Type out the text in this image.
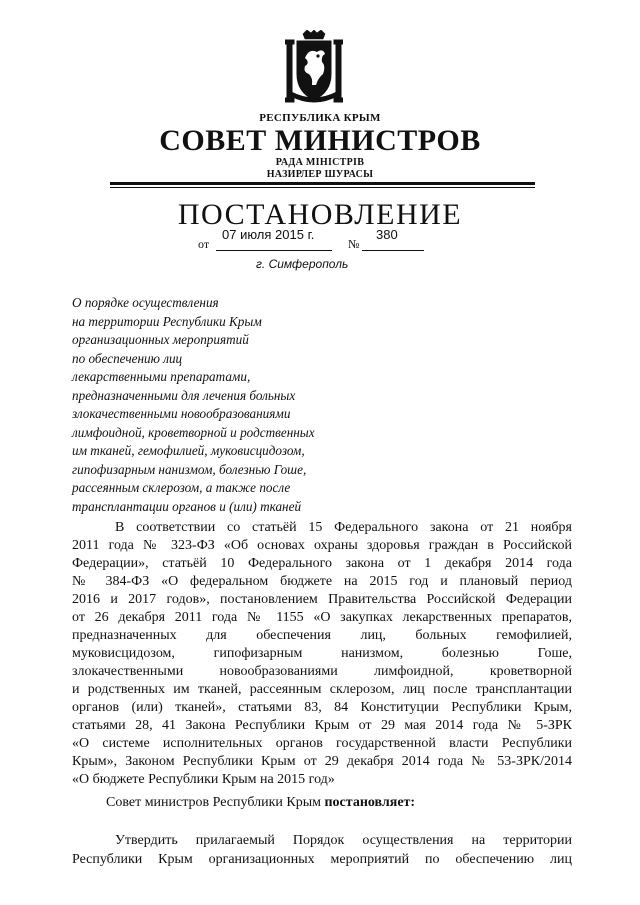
РЕСПУБЛИКА КРЫМ
СОВЕТ МИНИСТРОВ
РАДА МІНІСТРІВ
НАЗИРЛЕР ШУРАСЫ
ПОСТАНОВЛЕНИЕ
07 июля 2015 г.	380
от	№
г. Симферополь
О порядке осуществления
на территории Республики Крым
организационных мероприятий
по обеспечению лиц
лекарственными препаратами,
предназначенными для лечения больных
злокачественными новообразованиями
лимфоидной, кроветворной и родственных
им тканей, гемофилией, муковисцидозом,
гипофизарным нанизмом, болезнью Гоше,
рассеянным склерозом, а также после
трансплантации органов и (или) тканей
В соответствии со статьёй 15 Федерального закона от 21 ноября
2011 года № 323-ФЗ «Об основах охраны здоровья граждан в Российской
Федерации», статьёй 10 Федерального закона от 1 декабря 2014 года
№ 384-ФЗ «О федеральном бюджете на 2015 год и плановый период
2016 и 2017 годов», постановлением Правительства Российской Федерации
от 26 декабря 2011 года № 1155 «О закупках лекарственных препаратов,
предназначенных для обеспечения лиц, больных гемофилией,
муковисцидозом, гипофизарным нанизмом, болезнью Гоше,
злокачественными новообразованиями лимфоидной, кроветворной
и родственных им тканей, рассеянным склерозом, лиц после трансплантации
органов (или) тканей», статьями 83, 84 Конституции Республики Крым,
статьями 28, 41 Закона Республики Крым от 29 мая 2014 года № 5-ЗРК
«О системе исполнительных органов государственной власти Республики
Крым», Законом Республики Крым от 29 декабря 2014 года № 53-ЗРК/2014
«О бюджете Республики Крым на 2015 год»
Совет министров Республики Крым постановляет:
Утвердить прилагаемый Порядок осуществления на территории
Республики Крым организационных мероприятий по обеспечению лиц
